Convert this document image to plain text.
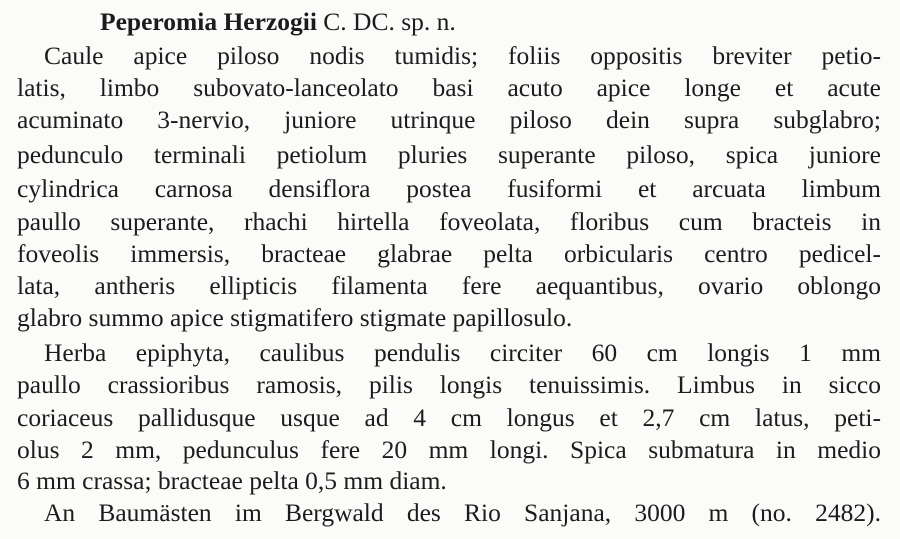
Peperomia Herzogii C. DC. sp. n.
Caule apice piloso nodis tumidis; foliis oppositis breviter petio-
latis, limbo subovato-lanceolato basi acuto apice longe et acute
acuminato 3-nervio, juniore utrinque piloso dein supra subglabro;
pedunculo terminali petiolum pluries superante piloso, spica juniore
cylindrica carnosa densiflora postea fusiformi et arcuata limbum
paullo superante, rhachi hirtella foveolata, floribus cum bracteis in
foveolis immersis, bracteae glabrae pelta orbicularis centro pedicel-
lata, antheris ellipticis filamenta fere aequantibus, ovario oblongo
glabro summo apice stigmatifero stigmate papillosulo.
Herba epiphyta, caulibus pendulis circiter 60 cm longis 1 mm
paullo crassioribus ramosis, pilis longis tenuissimis. Limbus in sicco
coriaceus pallidusque usque ad 4 cm longus et 2,7 cm latus, peti-
olus 2 mm, pedunculus fere 20 mm longi. Spica submatura in medio
6 mm crassa; bracteae pelta 0,5 mm diam.
An Baumästen im Bergwald des Rio Sanjana, 3000 m (no. 2482).
